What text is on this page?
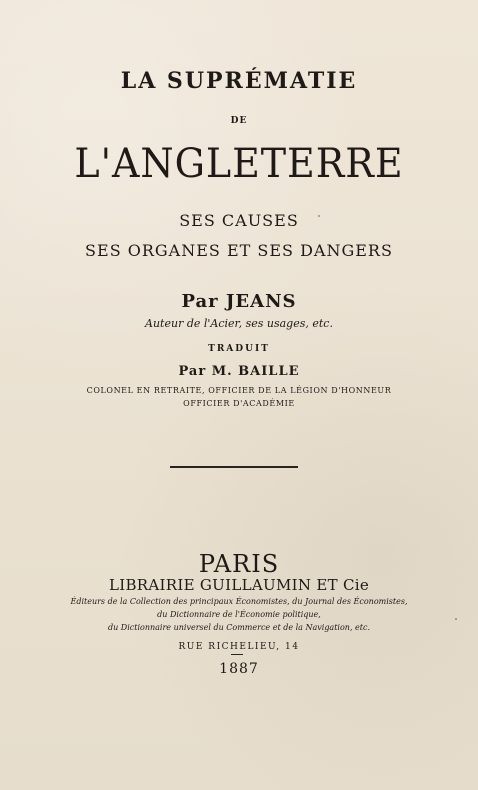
LA SUPRÉMATIE
DE
L'ANGLETERRE
SES CAUSES
SES ORGANES ET SES DANGERS
Par JEANS
Auteur de l'Acier, ses usages, etc.
TRADUIT
Par M. BAILLE
COLONEL EN RETRAITE, OFFICIER DE LA LÉGION D'HONNEUR
OFFICIER D'ACADÉMIE
PARIS
LIBRAIRIE GUILLAUMIN ET Cie
Éditeurs de la Collection des principaux Économistes, du Journal des Économistes,
du Dictionnaire de l'Économie politique,
du Dictionnaire universel du Commerce et de la Navigation, etc.
RUE RICHELIEU, 14
1887
